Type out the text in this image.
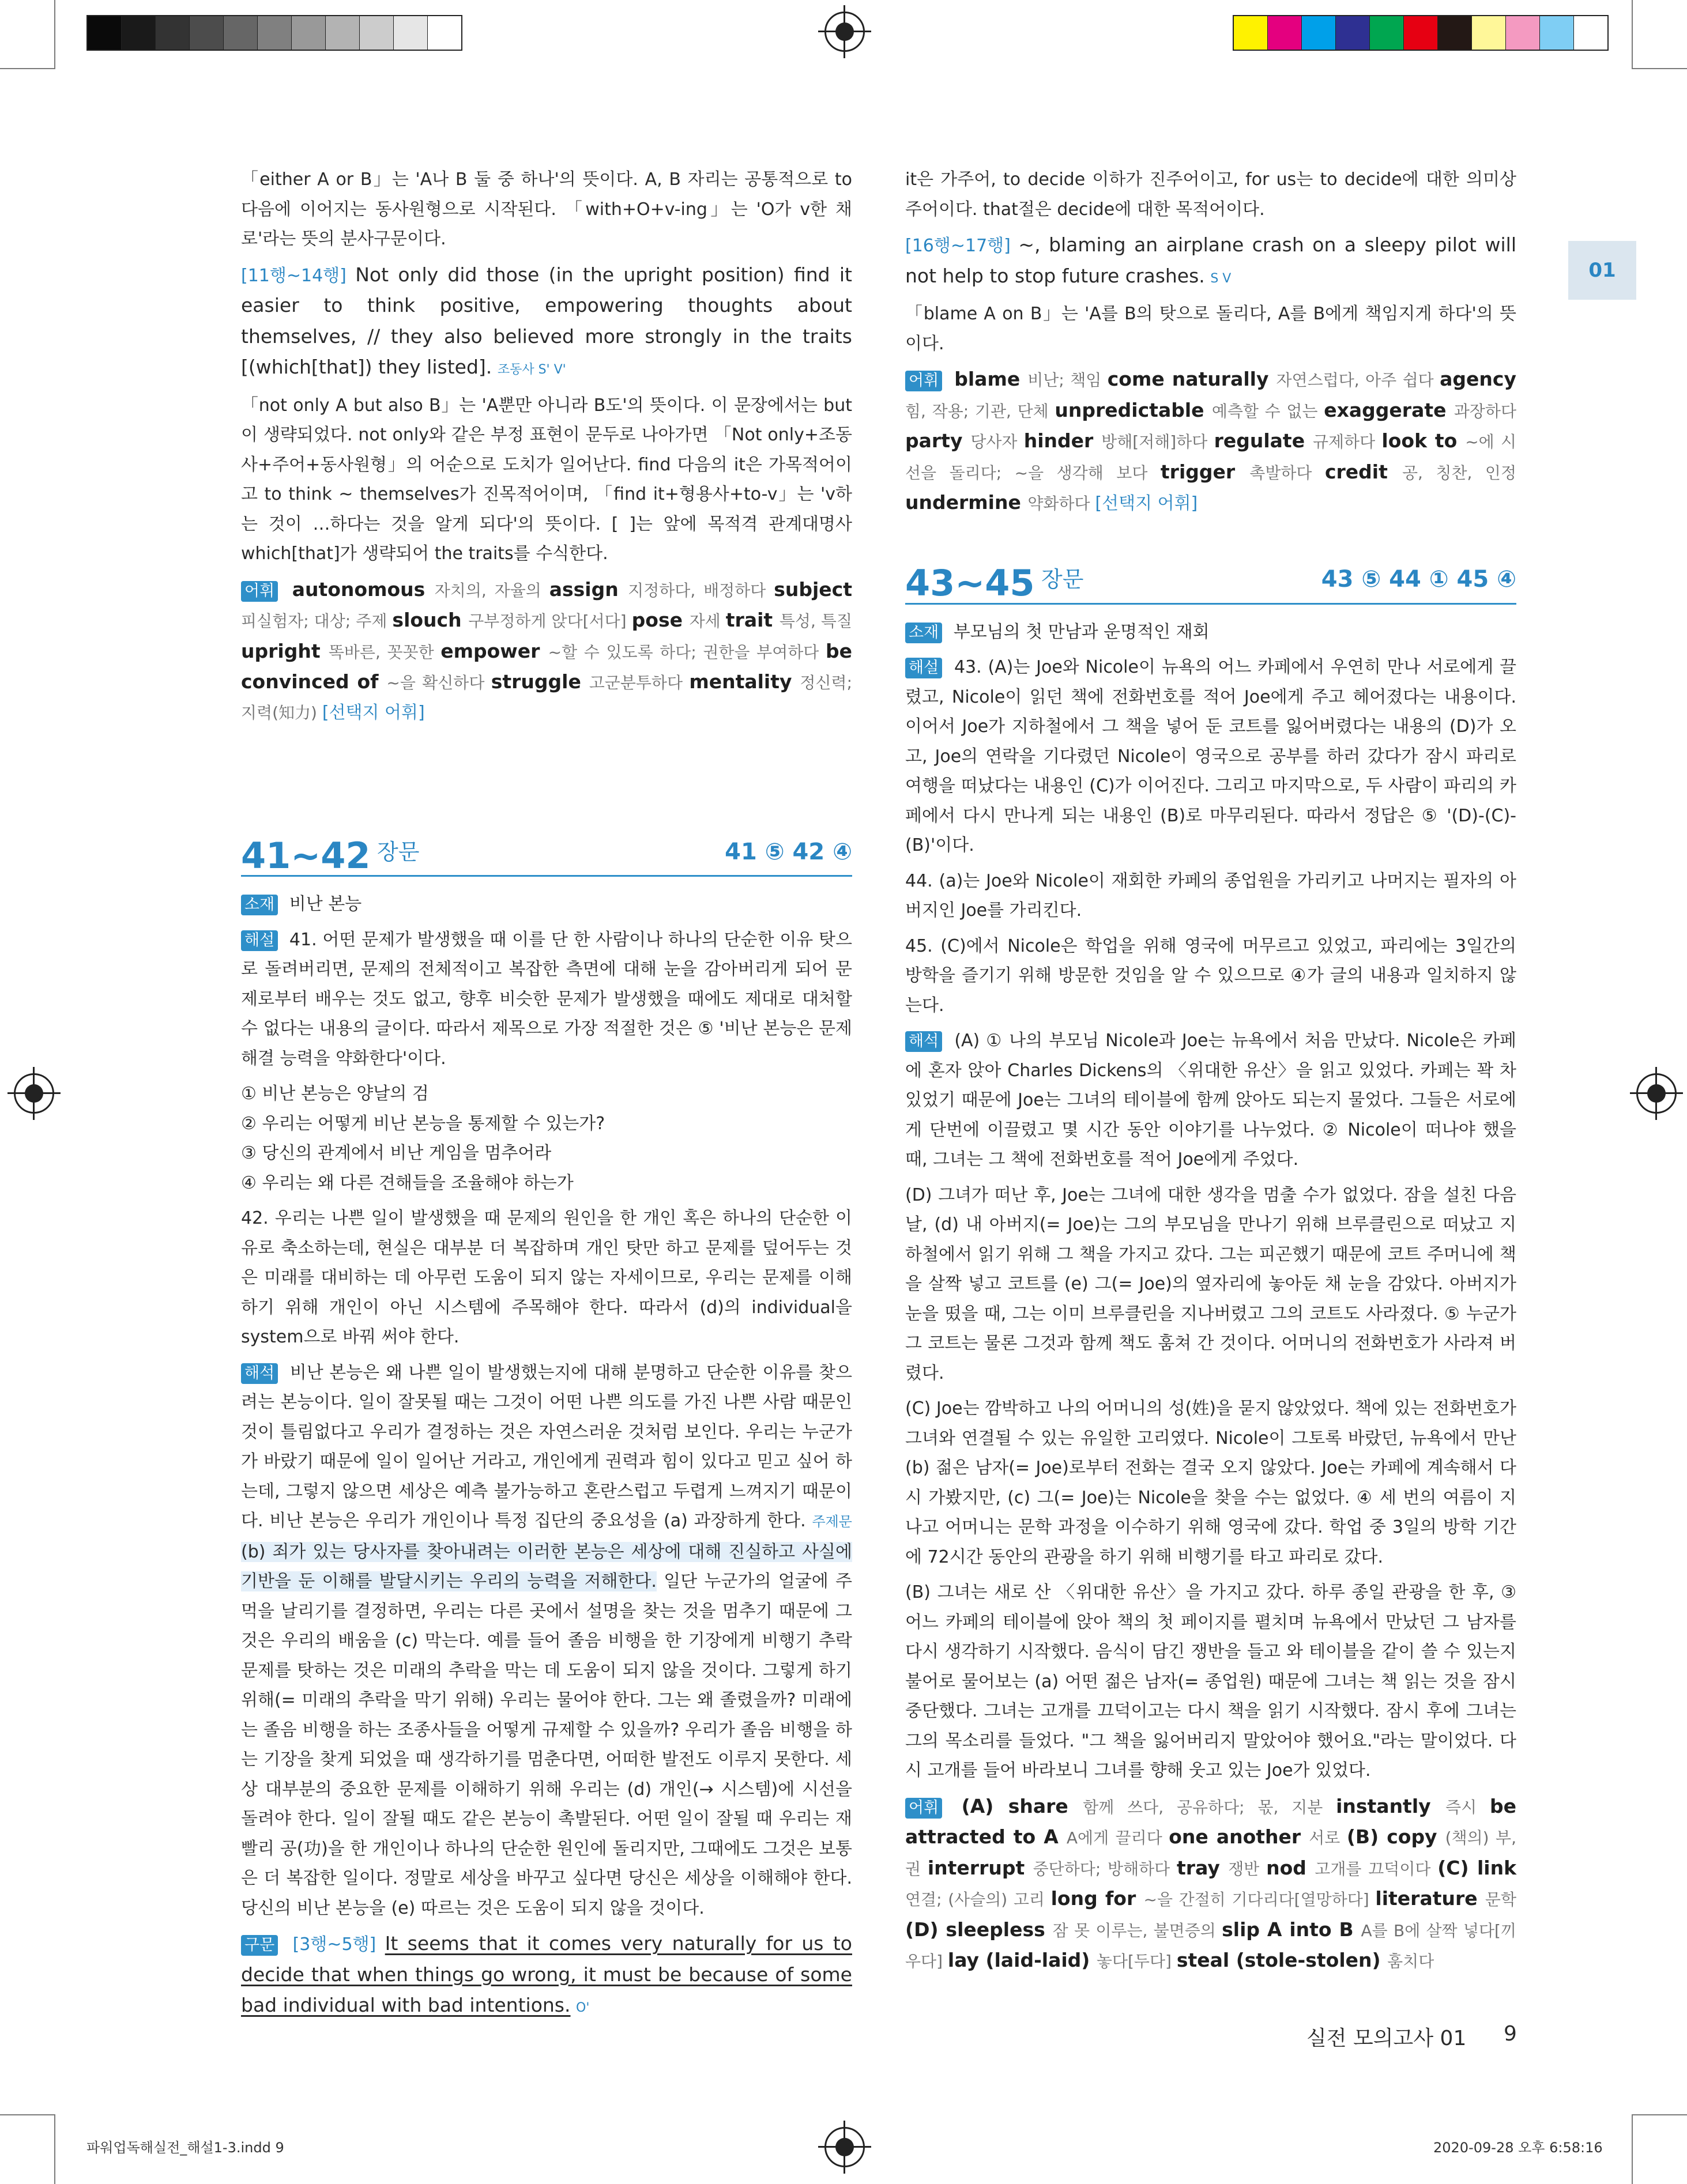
01

「either A or B」는 'A나 B 둘 중 하나'의 뜻이다. A, B 자리는 공통적으로 to 다음에 이어지는 동사원형으로 시작된다. 「with+O+v-ing」는 'O가 v한 채로'라는 뜻의 분사구문이다.

[11행~14행] Not only did those (in the upright position) find it easier to think positive, empowering thoughts about themselves, // they also believed more strongly in the traits [(which[that]) they listed]. 조동사 S' V'

「not only A but also B」는 'A뿐만 아니라 B도'의 뜻이다. 이 문장에서는 but이 생략되었다. not only와 같은 부정 표현이 문두로 나아가면 「Not only+조동사+주어+동사원형」의 어순으로 도치가 일어난다. find 다음의 it은 가목적어이고 to think ~ themselves가 진목적어이며, 「find it+형용사+to-v」는 'v하는 것이 …하다는 것을 알게 되다'의 뜻이다. [ ]는 앞에 목적격 관계대명사 which[that]가 생략되어 the traits를 수식한다.

어휘 autonomous 자치의, 자율의 assign 지정하다, 배정하다 subject 피실험자; 대상; 주제 slouch 구부정하게 앉다[서다] pose 자세 trait 특성, 특질 upright 똑바른, 꼿꼿한 empower ~할 수 있도록 하다; 권한을 부여하다 be convinced of ~을 확신하다 struggle 고군분투하다 mentality 정신력; 지력(知力) [선택지 어휘]

41~42 장문	41 ⑤ 42 ④

소재 비난 본능

해설 41. 어떤 문제가 발생했을 때 이를 단 한 사람이나 하나의 단순한 이유 탓으로 돌려버리면, 문제의 전체적이고 복잡한 측면에 대해 눈을 감아버리게 되어 문제로부터 배우는 것도 없고, 향후 비슷한 문제가 발생했을 때에도 제대로 대처할 수 없다는 내용의 글이다. 따라서 제목으로 가장 적절한 것은 ⑤ '비난 본능은 문제해결 능력을 약화한다'이다.

① 비난 본능은 양날의 검

② 우리는 어떻게 비난 본능을 통제할 수 있는가?

③ 당신의 관계에서 비난 게임을 멈추어라

④ 우리는 왜 다른 견해들을 조율해야 하는가

42. 우리는 나쁜 일이 발생했을 때 문제의 원인을 한 개인 혹은 하나의 단순한 이유로 축소하는데, 현실은 대부분 더 복잡하며 개인 탓만 하고 문제를 덮어두는 것은 미래를 대비하는 데 아무런 도움이 되지 않는 자세이므로, 우리는 문제를 이해하기 위해 개인이 아닌 시스템에 주목해야 한다. 따라서 (d)의 individual을 system으로 바꿔 써야 한다.

해석 비난 본능은 왜 나쁜 일이 발생했는지에 대해 분명하고 단순한 이유를 찾으려는 본능이다. 일이 잘못될 때는 그것이 어떤 나쁜 의도를 가진 나쁜 사람 때문인 것이 틀림없다고 우리가 결정하는 것은 자연스러운 것처럼 보인다. 우리는 누군가가 바랐기 때문에 일이 일어난 거라고, 개인에게 권력과 힘이 있다고 믿고 싶어 하는데, 그렇지 않으면 세상은 예측 불가능하고 혼란스럽고 두렵게 느껴지기 때문이다. 비난 본능은 우리가 개인이나 특정 집단의 중요성을 (a) 과장하게 한다. 주제문 (b) 죄가 있는 당사자를 찾아내려는 이러한 본능은 세상에 대해 진실하고 사실에 기반을 둔 이해를 발달시키는 우리의 능력을 저해한다. 일단 누군가의 얼굴에 주먹을 날리기를 결정하면, 우리는 다른 곳에서 설명을 찾는 것을 멈추기 때문에 그것은 우리의 배움을 (c) 막는다. 예를 들어 졸음 비행을 한 기장에게 비행기 추락 문제를 탓하는 것은 미래의 추락을 막는 데 도움이 되지 않을 것이다. 그렇게 하기 위해(= 미래의 추락을 막기 위해) 우리는 물어야 한다. 그는 왜 졸렸을까? 미래에는 졸음 비행을 하는 조종사들을 어떻게 규제할 수 있을까? 우리가 졸음 비행을 하는 기장을 찾게 되었을 때 생각하기를 멈춘다면, 어떠한 발전도 이루지 못한다. 세상 대부분의 중요한 문제를 이해하기 위해 우리는 (d) 개인(→ 시스템)에 시선을 돌려야 한다. 일이 잘될 때도 같은 본능이 촉발된다. 어떤 일이 잘될 때 우리는 재빨리 공(功)을 한 개인이나 하나의 단순한 원인에 돌리지만, 그때에도 그것은 보통은 더 복잡한 일이다. 정말로 세상을 바꾸고 싶다면 당신은 세상을 이해해야 한다. 당신의 비난 본능을 (e) 따르는 것은 도움이 되지 않을 것이다.

구문 [3행~5행] It seems that it comes very naturally for us to decide that when things go wrong, it must be because of some bad individual with bad intentions. O'

it은 가주어, to decide 이하가 진주어이고, for us는 to decide에 대한 의미상 주어이다. that절은 decide에 대한 목적어이다.

[16행~17행] ~, blaming an airplane crash on a sleepy pilot will not help to stop future crashes. S V

「blame A on B」는 'A를 B의 탓으로 돌리다, A를 B에게 책임지게 하다'의 뜻이다.

어휘 blame 비난; 책임 come naturally 자연스럽다, 아주 쉽다 agency 힘, 작용; 기관, 단체 unpredictable 예측할 수 없는 exaggerate 과장하다 party 당사자 hinder 방해[저해]하다 regulate 규제하다 look to ~에 시선을 돌리다; ~을 생각해 보다 trigger 촉발하다 credit 공, 칭찬, 인정 undermine 약화하다 [선택지 어휘]

43~45 장문	43 ⑤ 44 ① 45 ④

소재 부모님의 첫 만남과 운명적인 재회

해설 43. (A)는 Joe와 Nicole이 뉴욕의 어느 카페에서 우연히 만나 서로에게 끌렸고, Nicole이 읽던 책에 전화번호를 적어 Joe에게 주고 헤어졌다는 내용이다. 이어서 Joe가 지하철에서 그 책을 넣어 둔 코트를 잃어버렸다는 내용의 (D)가 오고, Joe의 연락을 기다렸던 Nicole이 영국으로 공부를 하러 갔다가 잠시 파리로 여행을 떠났다는 내용인 (C)가 이어진다. 그리고 마지막으로, 두 사람이 파리의 카페에서 다시 만나게 되는 내용인 (B)로 마무리된다. 따라서 정답은 ⑤ '(D)-(C)-(B)'이다.

44. (a)는 Joe와 Nicole이 재회한 카페의 종업원을 가리키고 나머지는 필자의 아버지인 Joe를 가리킨다.

45. (C)에서 Nicole은 학업을 위해 영국에 머무르고 있었고, 파리에는 3일간의 방학을 즐기기 위해 방문한 것임을 알 수 있으므로 ④가 글의 내용과 일치하지 않는다.

해석 (A) ① 나의 부모님 Nicole과 Joe는 뉴욕에서 처음 만났다. Nicole은 카페에 혼자 앉아 Charles Dickens의 〈위대한 유산〉을 읽고 있었다. 카페는 꽉 차 있었기 때문에 Joe는 그녀의 테이블에 함께 앉아도 되는지 물었다. 그들은 서로에게 단번에 이끌렸고 몇 시간 동안 이야기를 나누었다. ② Nicole이 떠나야 했을 때, 그녀는 그 책에 전화번호를 적어 Joe에게 주었다.

(D) 그녀가 떠난 후, Joe는 그녀에 대한 생각을 멈출 수가 없었다. 잠을 설친 다음날, (d) 내 아버지(= Joe)는 그의 부모님을 만나기 위해 브루클린으로 떠났고 지하철에서 읽기 위해 그 책을 가지고 갔다. 그는 피곤했기 때문에 코트 주머니에 책을 살짝 넣고 코트를 (e) 그(= Joe)의 옆자리에 놓아둔 채 눈을 감았다. 아버지가 눈을 떴을 때, 그는 이미 브루클린을 지나버렸고 그의 코트도 사라졌다. ⑤ 누군가 그 코트는 물론 그것과 함께 책도 훔쳐 간 것이다. 어머니의 전화번호가 사라져 버렸다.

(C) Joe는 깜박하고 나의 어머니의 성(姓)을 묻지 않았었다. 책에 있는 전화번호가 그녀와 연결될 수 있는 유일한 고리였다. Nicole이 그토록 바랐던, 뉴욕에서 만난 (b) 젊은 남자(= Joe)로부터 전화는 결국 오지 않았다. Joe는 카페에 계속해서 다시 가봤지만, (c) 그(= Joe)는 Nicole을 찾을 수는 없었다. ④ 세 번의 여름이 지나고 어머니는 문학 과정을 이수하기 위해 영국에 갔다. 학업 중 3일의 방학 기간에 72시간 동안의 관광을 하기 위해 비행기를 타고 파리로 갔다.

(B) 그녀는 새로 산 〈위대한 유산〉을 가지고 갔다. 하루 종일 관광을 한 후, ③ 어느 카페의 테이블에 앉아 책의 첫 페이지를 펼치며 뉴욕에서 만났던 그 남자를 다시 생각하기 시작했다. 음식이 담긴 쟁반을 들고 와 테이블을 같이 쓸 수 있는지 불어로 물어보는 (a) 어떤 젊은 남자(= 종업원) 때문에 그녀는 책 읽는 것을 잠시 중단했다. 그녀는 고개를 끄덕이고는 다시 책을 읽기 시작했다. 잠시 후에 그녀는 그의 목소리를 들었다. "그 책을 잃어버리지 말았어야 했어요."라는 말이었다. 다시 고개를 들어 바라보니 그녀를 향해 웃고 있는 Joe가 있었다.

어휘 (A) share 함께 쓰다, 공유하다; 몫, 지분 instantly 즉시 be attracted to A A에게 끌리다 one another 서로 (B) copy (책의) 부, 권 interrupt 중단하다; 방해하다 tray 쟁반 nod 고개를 끄덕이다 (C) link 연결; (사슬의) 고리 long for ~을 간절히 기다리다[열망하다] literature 문학 (D) sleepless 잠 못 이루는, 불면증의 slip A into B A를 B에 살짝 넣다[끼우다] lay (laid-laid) 놓다[두다] steal (stole-stolen) 훔치다

실전 모의고사 01 9
파워업독해실전_해설1-3.indd 9	2020-09-28 오후 6:58:16
